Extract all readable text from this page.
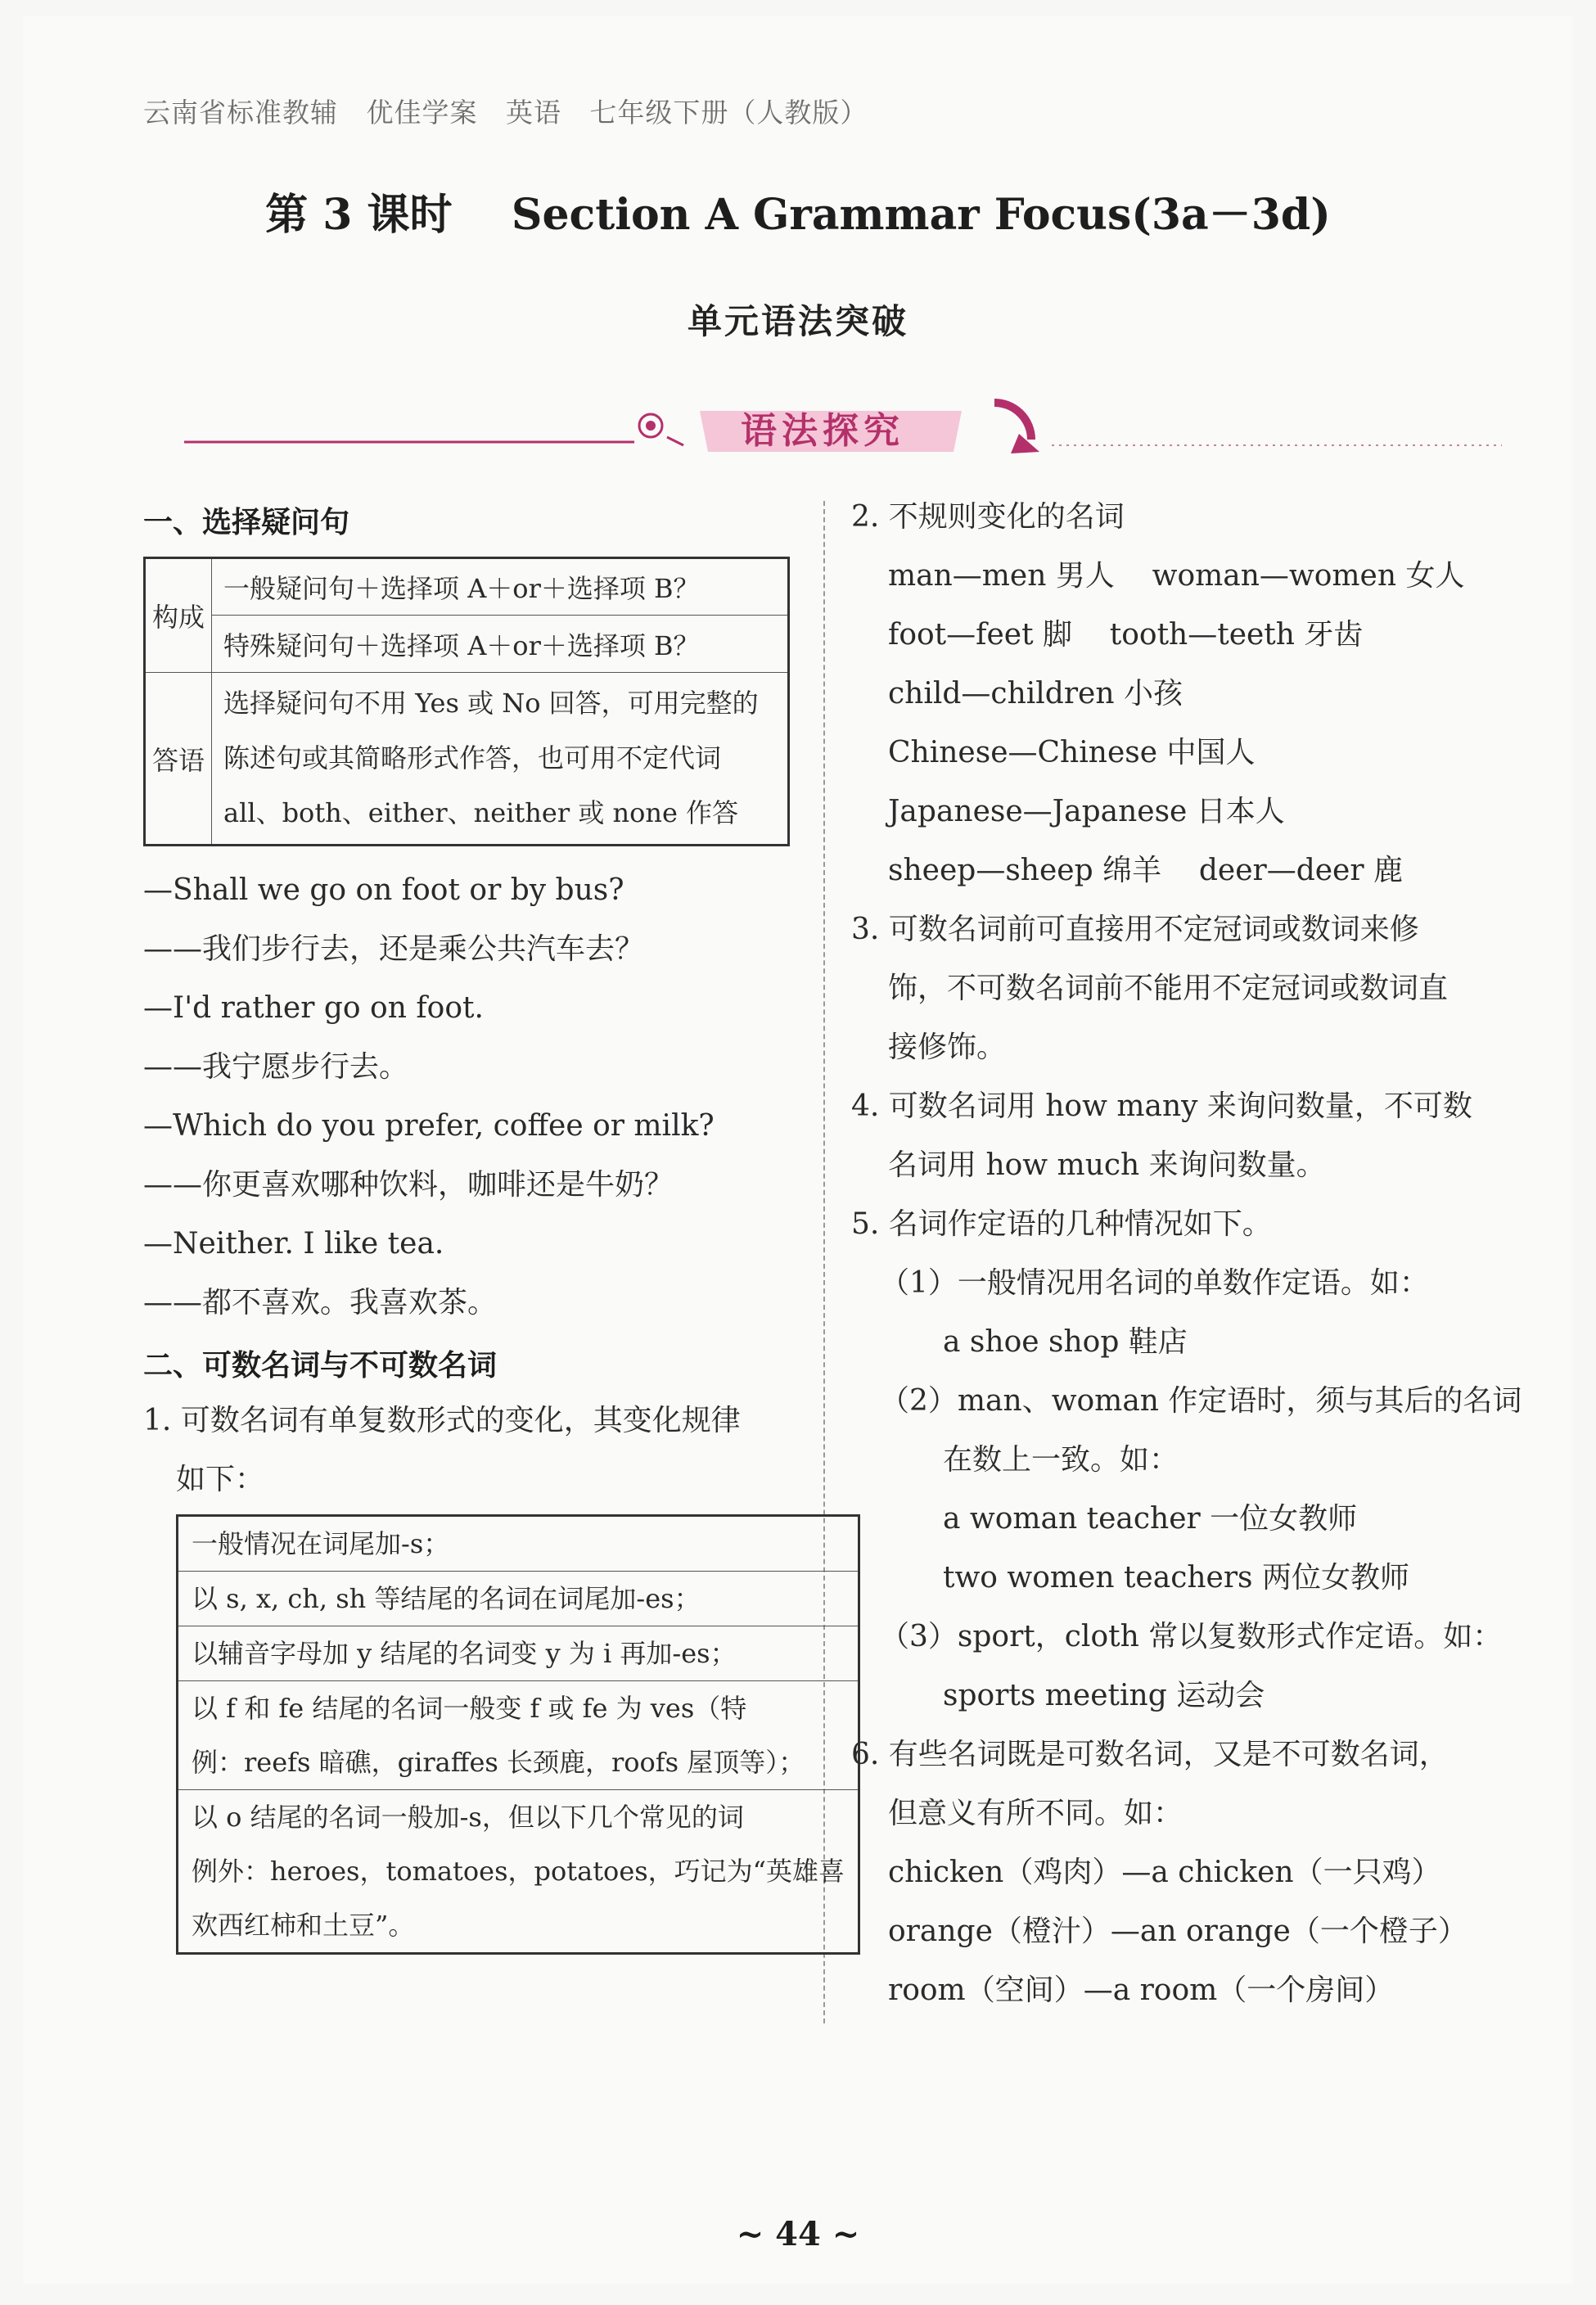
云南省标准教辅   优佳学案   英语   七年级下册（人教版）
第 3 课时    Section A Grammar Focus(3a－3d)
单元语法突破
语法探究
一、选择疑问句
构成	一般疑问句＋选择项 A＋or＋选择项 B？
	特殊疑问句＋选择项 A＋or＋选择项 B？
答语	选择疑问句不用 Yes 或 No 回答，可用完整的
陈述句或其简略形式作答，也可用不定代词
all、both、either、neither 或 none 作答
—Shall we go on foot or by bus?
——我们步行去，还是乘公共汽车去？
—I'd rather go on foot.
——我宁愿步行去。
—Which do you prefer, coffee or milk?
——你更喜欢哪种饮料，咖啡还是牛奶？
—Neither. I like tea.
——都不喜欢。我喜欢茶。
二、可数名词与不可数名词
1. 可数名词有单复数形式的变化，其变化规律
如下：
一般情况在词尾加-s；
以 s, x, ch, sh 等结尾的名词在词尾加-es；
以辅音字母加 y 结尾的名词变 y 为 i 再加-es；

以 f 和 fe 结尾的名词一般变 f 或 fe 为 ves（特
例：reefs 暗礁，giraffes 长颈鹿，roofs 屋顶等）；

以 o 结尾的名词一般加-s，但以下几个常见的词
例外：heroes，tomatoes，potatoes，巧记为“英雄喜
欢西红柿和土豆”。
2. 不规则变化的名词
man—men 男人    woman—women 女人
foot—feet 脚    tooth—teeth 牙齿
child—children 小孩
Chinese—Chinese 中国人
Japanese—Japanese 日本人
sheep—sheep 绵羊    deer—deer 鹿
3. 可数名词前可直接用不定冠词或数词来修
饰，不可数名词前不能用不定冠词或数词直
接修饰。
4. 可数名词用 how many 来询问数量，不可数
名词用 how much 来询问数量。
5. 名词作定语的几种情况如下。
（1）一般情况用名词的单数作定语。如：
a shoe shop 鞋店
（2）man、woman 作定语时，须与其后的名词
在数上一致。如：
a woman teacher 一位女教师
two women teachers 两位女教师
（3）sport，cloth 常以复数形式作定语。如：
sports meeting 运动会
6. 有些名词既是可数名词，又是不可数名词，
但意义有所不同。如：
chicken（鸡肉）—a chicken（一只鸡）
orange（橙汁）—an orange（一个橙子）
room（空间）—a room（一个房间）
~ 44 ~
